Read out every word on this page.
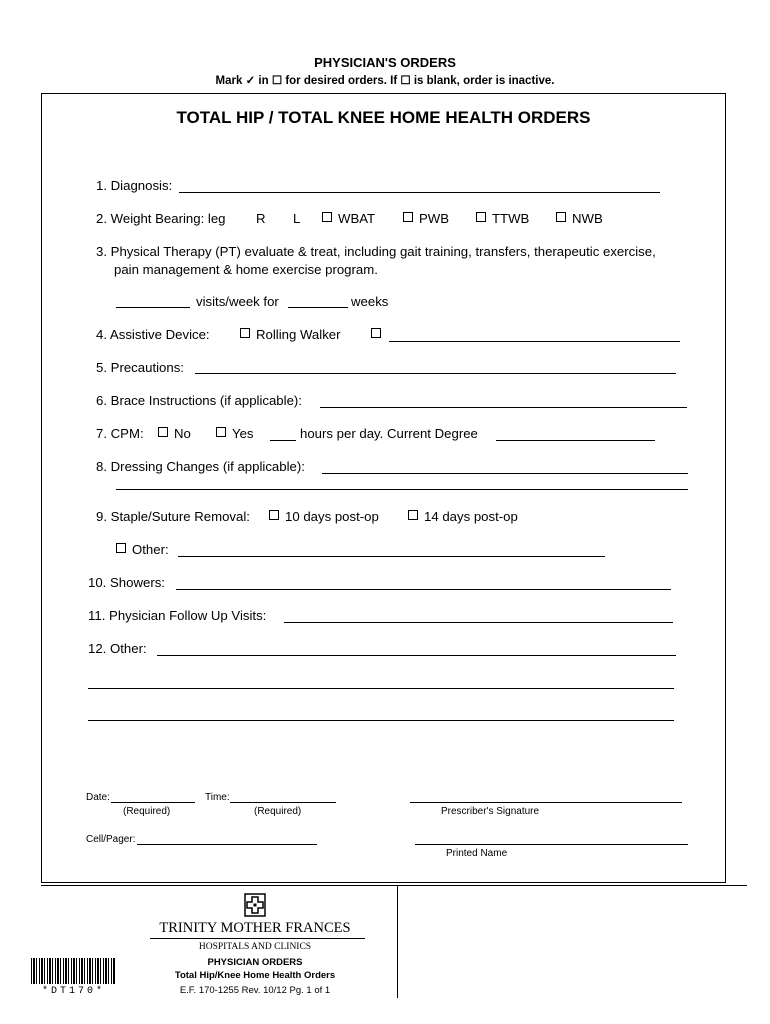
PHYSICIAN'S ORDERS
Mark ✓ in ☐ for desired orders. If ☐ is blank, order is inactive.
TOTAL HIP / TOTAL KNEE HOME HEALTH ORDERS
1. Diagnosis:
2. Weight Bearing: leg R L	WBAT	PWB	TTWB	NWB
3. Physical Therapy (PT) evaluate & treat, including gait training, transfers, therapeutic exercise,
pain management & home exercise program.
visits/week for	weeks
4. Assistive Device:	Rolling Walker
5. Precautions:
6. Brace Instructions (if applicable):
7. CPM:	No	Yes	hours per day. Current Degree
8. Dressing Changes (if applicable):
9. Staple/Suture Removal:	10 days post-op	14 days post-op
Other:
10. Showers:
11. Physician Follow Up Visits:
12. Other:
Date:	Time:
(Required)	(Required)	Prescriber's Signature
Cell/Pager:
Printed Name
TRINITY MOTHER FRANCES
HOSPITALS AND CLINICS
PHYSICIAN ORDERS
Total Hip/Knee Home Health Orders
E.F. 170-1255 Rev. 10/12 Pg. 1 of 1
*DT170*
